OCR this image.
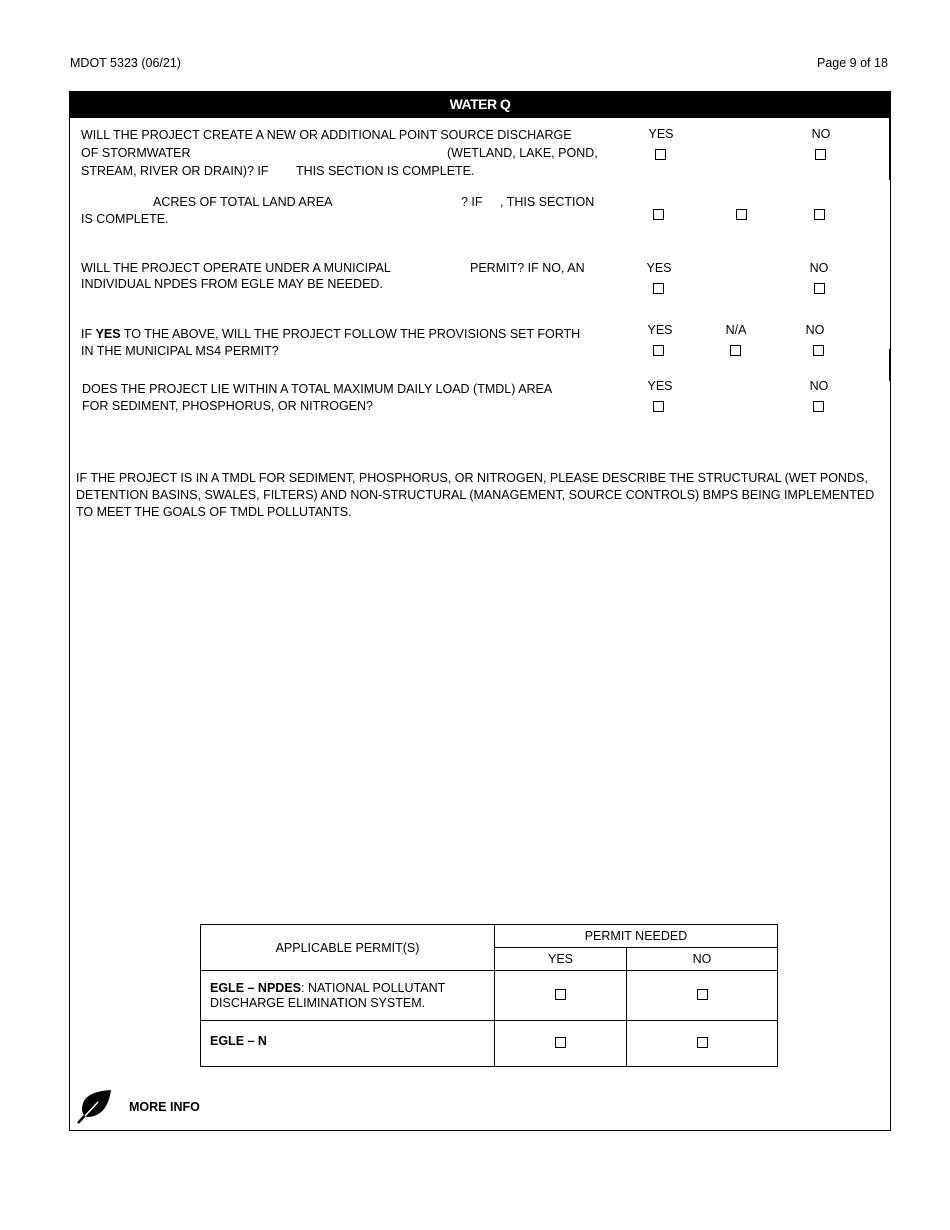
MDOT 5323 (06/21)	Page 9 of 18
WATER Q
WILL THE PROJECT CREATE A NEW OR ADDITIONAL POINT SOURCE DISCHARGE
OF STORMWATER	(WETLAND, LAKE, POND,
STREAM, RIVER OR DRAIN)? IF THIS SECTION IS COMPLETE.
YES	NO
ACRES OF TOTAL LAND AREA	? IF , THIS SECTION
IS COMPLETE.
WILL THE PROJECT OPERATE UNDER A MUNICIPAL	PERMIT? IF NO, AN
INDIVIDUAL NPDES FROM EGLE MAY BE NEEDED.
YES	NO
IF YES TO THE ABOVE, WILL THE PROJECT FOLLOW THE PROVISIONS SET FORTH
IN THE MUNICIPAL MS4 PERMIT?
YES	N/A	NO
DOES THE PROJECT LIE WITHIN A TOTAL MAXIMUM DAILY LOAD (TMDL) AREA
FOR SEDIMENT, PHOSPHORUS, OR NITROGEN?
YES	NO
IF THE PROJECT IS IN A TMDL FOR SEDIMENT, PHOSPHORUS, OR NITROGEN, PLEASE DESCRIBE THE STRUCTURAL (WET PONDS, DETENTION BASINS, SWALES, FILTERS) AND NON-STRUCTURAL (MANAGEMENT, SOURCE CONTROLS) BMPS BEING IMPLEMENTED TO MEET THE GOALS OF TMDL POLLUTANTS.
APPLICABLE PERMIT(S)	PERMIT NEEDED	
	YES	NO
EGLE – NPDES: NATIONAL POLLUTANT
DISCHARGE ELIMINATION SYSTEM.		
EGLE – N		
MORE INFO
